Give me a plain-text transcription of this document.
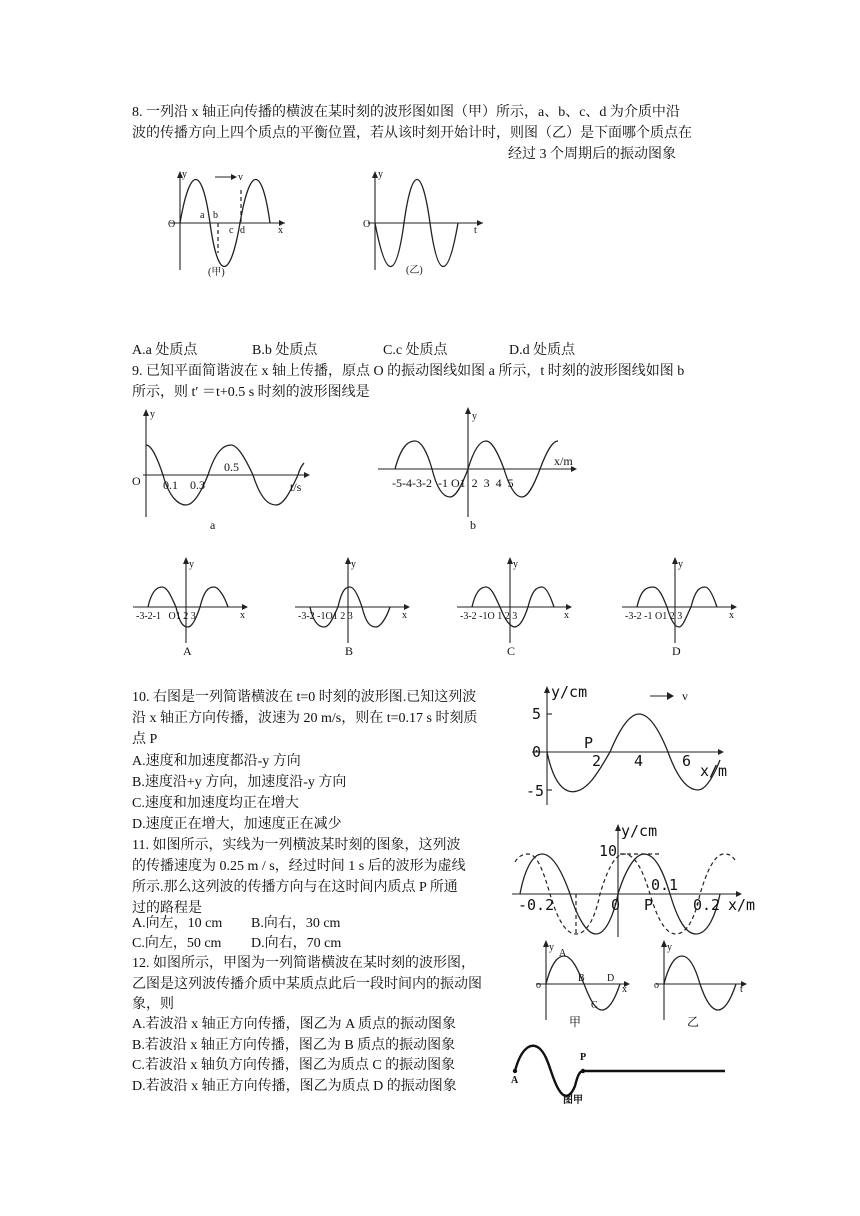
8. 一列沿 x 轴正向传播的横波在某时刻的波形图如图（甲）所示，a、b、c、d 为介质中沿
波的传播方向上四个质点的平衡位置，若从该时刻开始计时，则图（乙）是下面哪个质点在
经过 3 个周期后的振动图象
y	v
O
a b
c d	x
(甲)
y
O
t
(乙)
A.a 处质点	B.b 处质点	C.c 处质点	D.d 处质点
9. 已知平面简谐波在 x 轴上传播，原点 O 的振动图线如图 a 所示，t 时刻的波形图线如图 b
所示，则 t′ ＝t+0.5 s 时刻的波形图线是
y
O 0.1 0.3
0.5
t/s
a
y
x/m
-5-4-3-2  -1 O1  2  3  4  5
b
y
x
-3-2-1   O1 2 3
A
y
x
-3-2 -1O1 2 3
B
y
x
-3-2 -1O 1 2 3
C
y
x
-3-2 -1 O1 2 3
D
10. 右图是一列简谐横波在 t=0 时刻的波形图.已知这列波
沿 x 轴正方向传播，波速为 20 m/s，则在 t=0.17 s 时刻质
点 P
A.速度和加速度都沿-y 方向
B.速度沿+y 方向，加速度沿-y 方向
C.速度和加速度均正在增大
D.速度正在增大，加速度正在减少
y/cm	v
5
0
-5
P
2 4	6
x/m
11. 如图所示，实线为一列横波某时刻的图象，这列波
的传播速度为 0.25 m / s，经过时间 1 s 后的波形为虚线
所示.那么这列波的传播方向与在这时间内质点 P 所通
过的路程是
A.向左，10 cm B.向右，30 cm
C.向左，50 cm D.向右，70 cm
y/cm
10
-0.2	0 P
0.1
0.2 x/m
12. 如图所示，甲图为一列简谐横波在某时刻的波形图，
乙图是这列波传播介质中某质点此后一段时间内的振动图
象，则
A.若波沿 x 轴正方向传播，图乙为 A 质点的振动图象
B.若波沿 x 轴正方向传播，图乙为 B 质点的振动图象
C.若波沿 x 轴负方向传播，图乙为质点 C 的振动图象
D.若波沿 x 轴正方向传播，图乙为质点 D 的振动图象
y
o
A
B
C
D
x
甲
y
o	t
乙
A
P
图甲
